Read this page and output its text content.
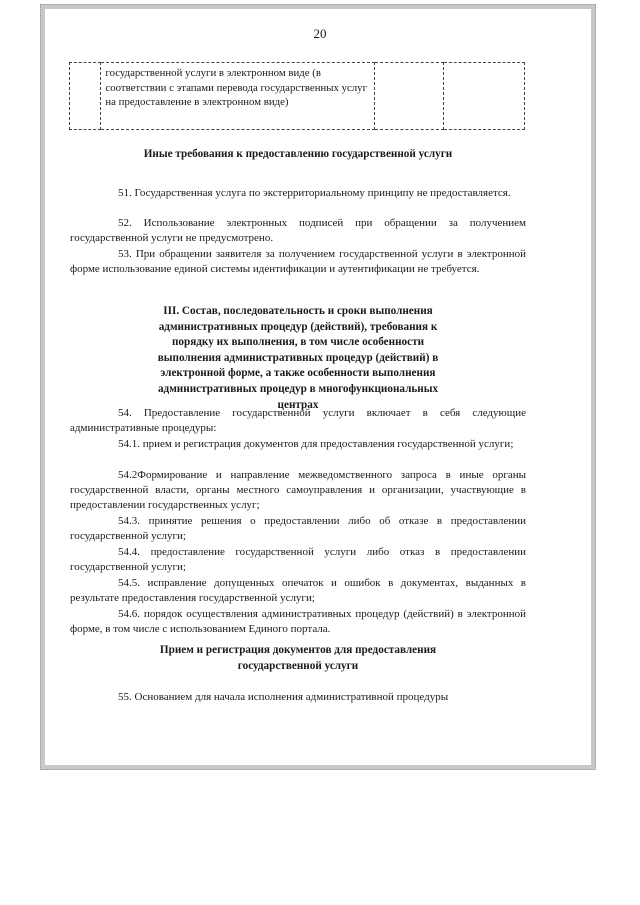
20
	государственной услуги в электронном виде (в соответствии с этапами перевода государственных услуг на предоставление в электронном виде)		
Иные требования к предоставлению государственной услуги
51. Государственная услуга по экстерриториальному принципу не предоставляется.
52. Использование электронных подписей при обращении за получением государственной услуги не предусмотрено.
53. При обращении заявителя за получением государственной услуги в электронной форме использование единой системы идентификации и аутентификации не требуется.
III. Состав, последовательность и сроки выполнения административных процедур (действий), требования к порядку их выполнения, в том числе особенности выполнения административных процедур (действий) в электронной форме, а также особенности выполнения административных процедур в многофункциональных центрах
54. Предоставление государственной услуги включает в себя следующие административные процедуры:
54.1. прием и регистрация документов для предоставления государственной услуги;
54.2Формирование и направление межведомственного запроса в иные органы государственной власти, органы местного самоуправления и организации, участвующие в предоставлении государственных услуг;
54.3. принятие решения о предоставлении либо об отказе в предоставлении государственной услуги;
54.4. предоставление государственной услуги либо отказ в предоставлении государственной услуги;
54.5. исправление допущенных опечаток и ошибок в документах, выданных в результате предоставления государственной услуги;
54.6. порядок осуществления административных процедур (действий) в электронной форме, в том числе с использованием Единого портала.
Прием и регистрация документов для предоставления государственной услуги
55. Основанием для начала исполнения административной процедуры
